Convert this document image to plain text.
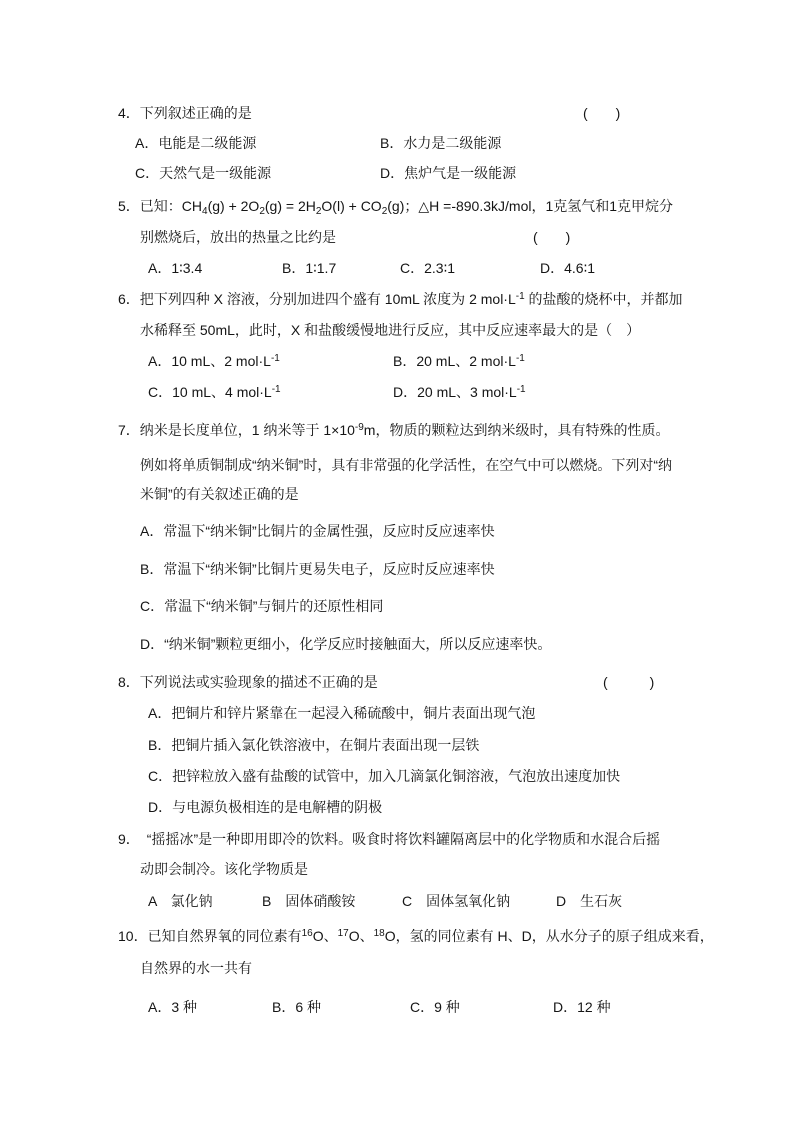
4．下列叙述正确的是	(　　)
A．电能是二级能源	B．水力是二级能源
C．天然气是一级能源	D．焦炉气是一级能源
5．已知：$CH_4(g) + 2O_2(g) = 2H_2O(l) + CO_2(g)$；△H =-890.3kJ/mol，1克氢气和1克甲烷分
别燃烧后，放出的热量之比约是	(　　)
A．1∶3.4	B．1∶1.7	C．2.3∶1	D．4.6∶1
6．把下列四种 X 溶液，分别加进四个盛有 10mL 浓度为 2 $mol\cdot L^{-1}$ 的盐酸的烧杯中，并都加
水稀释至 50mL，此时，X 和盐酸缓慢地进行反应，其中反应速率最大的是（　）
A．10 mL、2 $mol\cdot L^{-1}$	B．20 mL、2 $mol\cdot L^{-1}$
C．10 mL、4 $mol\cdot L^{-1}$	D．20 mL、3 $mol\cdot L^{-1}$
7．纳米是长度单位，1 纳米等于 $1\times 10^{-9}m$，物质的颗粒达到纳米级时，具有特殊的性质。
例如将单质铜制成“纳米铜”时，具有非常强的化学活性，在空气中可以燃烧。下列对“纳
米铜”的有关叙述正确的是
A．常温下“纳米铜”比铜片的金属性强，反应时反应速率快
B．常温下“纳米铜”比铜片更易失电子，反应时反应速率快
C．常温下“纳米铜”与铜片的还原性相同
D．“纳米铜”颗粒更细小，化学反应时接触面大，所以反应速率快。
8．下列说法或实验现象的描述不正确的是	(　　　)
A．把铜片和锌片紧靠在一起浸入稀硫酸中，铜片表面出现气泡
B．把铜片插入氯化铁溶液中，在铜片表面出现一层铁
C．把锌粒放入盛有盐酸的试管中，加入几滴氯化铜溶液，气泡放出速度加快
D．与电源负极相连的是电解槽的阴极
9．　“摇摇冰”是一种即用即冷的饮料。吸食时将饮料罐隔离层中的化学物质和水混合后摇
动即会制冷。该化学物质是
A　氯化钠	B　固体硝酸铵	C　固体氢氧化钠	D　生石灰
10．已知自然界氧的同位素有$^{16}$O、$^{17}$O、$^{18}$O，氢的同位素有 H、D，从水分子的原子组成来看，
自然界的水一共有
A．3 种	B．6 种	C．9 种	D．12 种
